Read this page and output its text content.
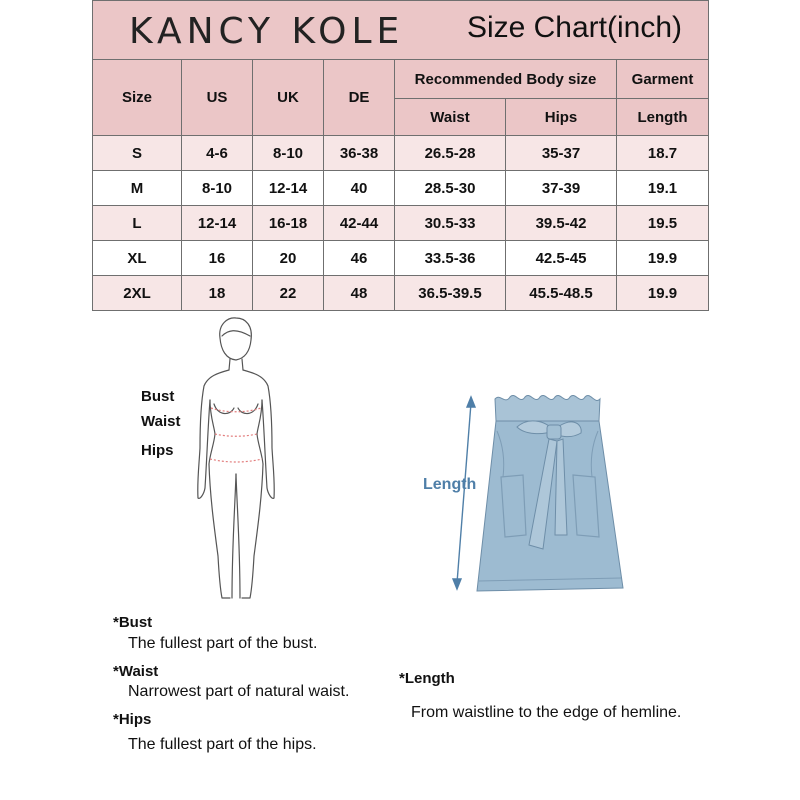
KANCY KOLE Size Chart(inch)						

Size	US	UK	DE	Recommended Body size		Garment
				Waist	Hips	Length
S	4-6	8-10	36-38	26.5-28	35-37	18.7
M	8-10	12-14	40	28.5-30	37-39	19.1
L	12-14	16-18	42-44	30.5-33	39.5-42	19.5
XL	16	20	46	33.5-36	42.5-45	19.9
2XL	18	22	48	36.5-39.5	45.5-48.5	19.9
Bust
Waist
Hips
Length
*Bust
The fullest part of the bust.
*Waist
Narrowest part of natural waist.
*Hips
The fullest part of the hips.
*Length
From waistline to the edge of hemline.
